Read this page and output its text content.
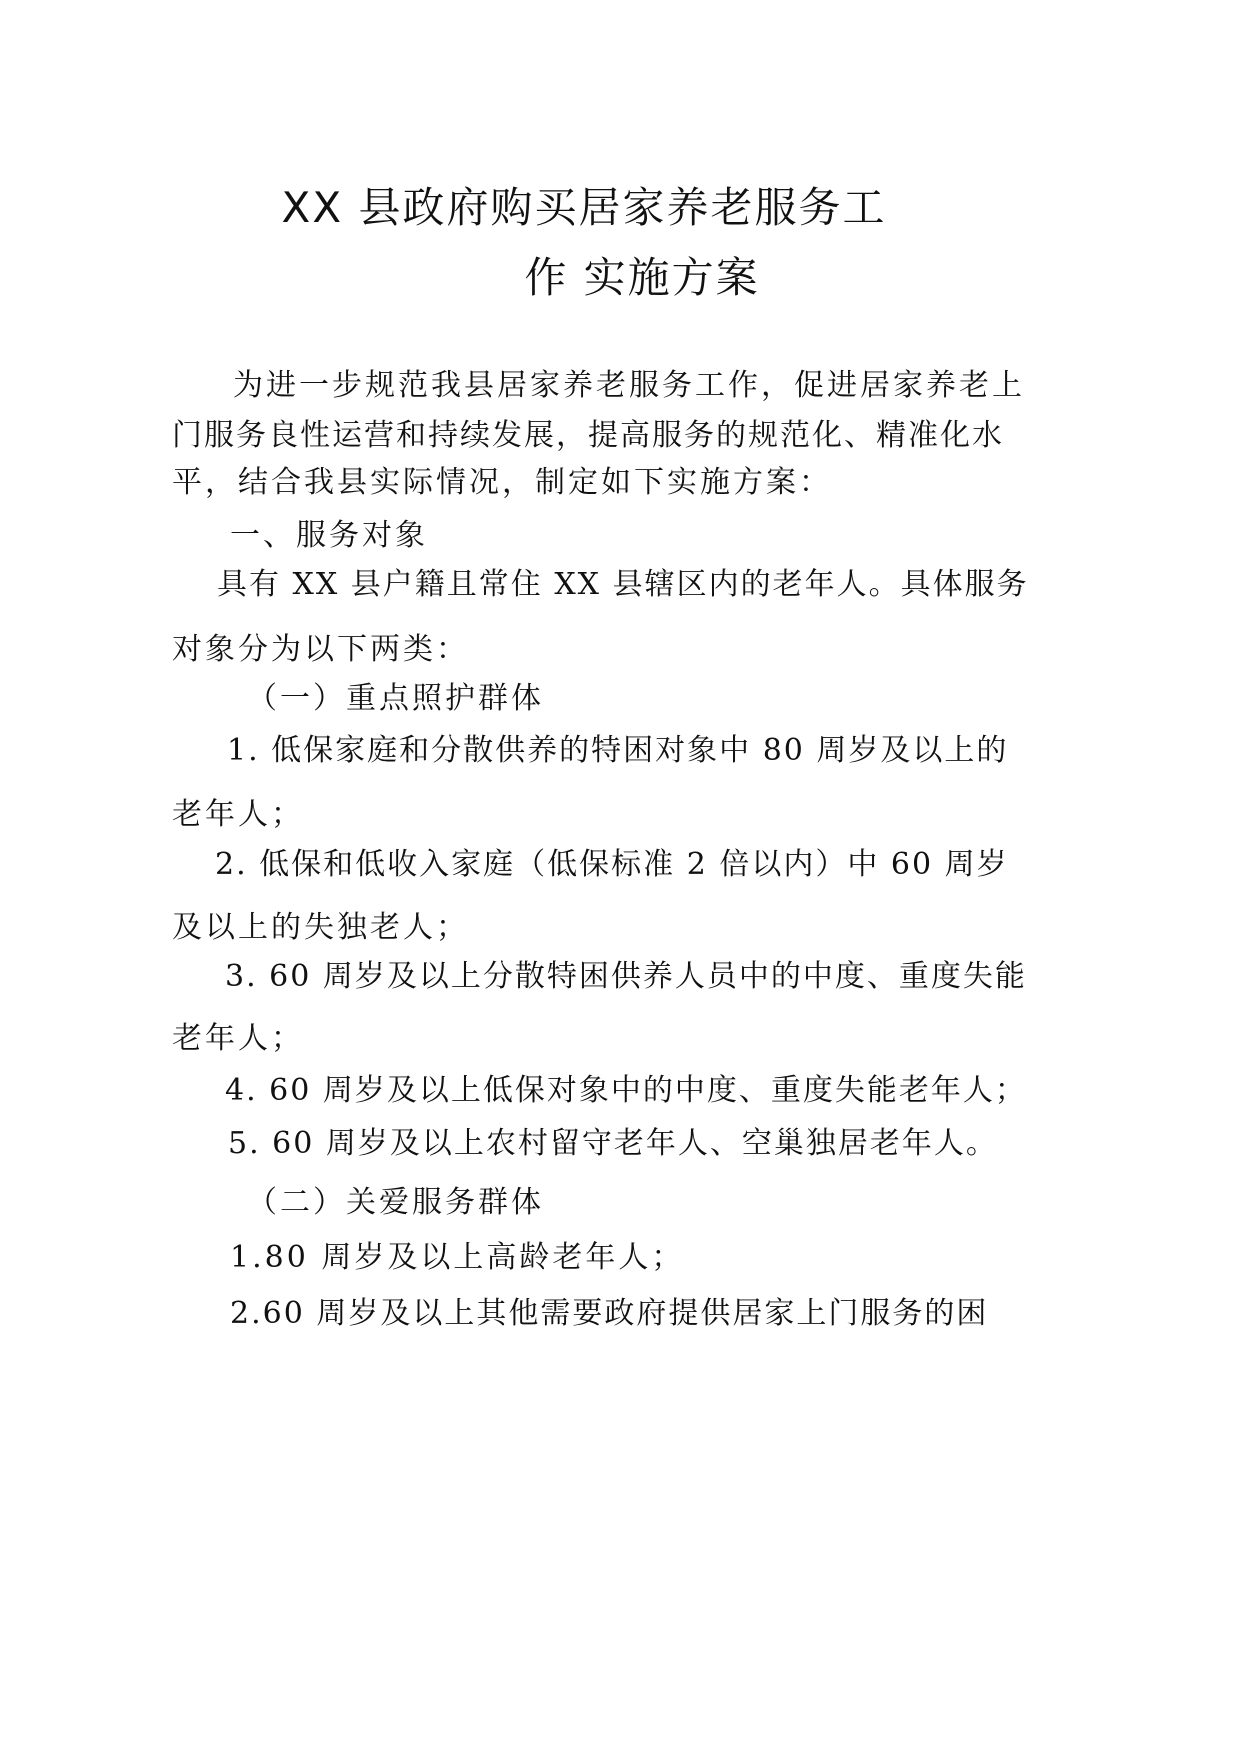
XX 县政府购买居家养老服务工
作 实施方案
为进一步规范我县居家养老服务工作，促进居家养老上
门服务良性运营和持续发展，提高服务的规范化、精准化水
平，结合我县实际情况，制定如下实施方案：
一、服务对象
具有 XX 县户籍且常住 XX 县辖区内的老年人。具体服务
对象分为以下两类：
（一）重点照护群体
1. 低保家庭和分散供养的特困对象中 80 周岁及以上的
老年人；
2. 低保和低收入家庭（低保标准 2 倍以内）中 60 周岁
及以上的失独老人；
3. 60 周岁及以上分散特困供养人员中的中度、重度失能
老年人；
4. 60 周岁及以上低保对象中的中度、重度失能老年人；
5. 60 周岁及以上农村留守老年人、空巢独居老年人。
（二）关爱服务群体
1.80 周岁及以上高龄老年人；
2.60 周岁及以上其他需要政府提供居家上门服务的困
